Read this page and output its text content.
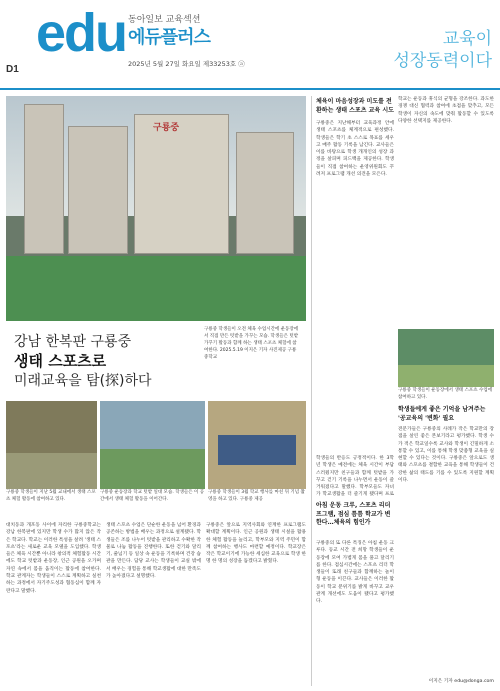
edu 동아일보 교육섹션
에듀플러스
D1	2025년 5월 27일 화요일 제33253호 ⓐ
교육이
성장동력이다
구룡중
강남 한복판 구룡중
생태 스포츠로
미래교육을 탐(探)하다
구룡중 학생들이 오전 체육 수업시간에 운동장에서 직접 만든 텃밭을 가꾸는 모습. 학생들은 텃밭 가꾸기 활동과 함께 하는 생태 스포츠 체험에 참여한다. 2025.5.19 이지은 기자 사진제공 구룡중학교
구룡중 학생들이 지난 5월 교내에서 생태 스포츠 체험 활동에 참여하고 있다.
구룡중 운동장과 학교 텃밭 일대 모습. 학생들은 이 공간에서 생태 체험 활동을 이어간다.
구룡중 학생들이 3월 학교 행사를 마친 뒤 기념 촬영을 하고 있다. 구룡중 제공
대치동과 개포동 사이에 자리한 구룡중학교는 강남 한복판에 있지만 학생 수가 많지 않은 작은 학교다. 학교는 이러한 특성을 살려 '생태 스포츠'라는 새로운 교육 모델을 도입했다. 학생들은 체육 시간뿐 아니라 창의적 체험활동 시간에도 학교 텃밭과 운동장, 인근 공원을 오가며 자연 속에서 몸을 움직이는 활동에 참여한다. 학교 관계자는 학생들이 스스로 계획하고 실천하는 과정에서 자기주도성과 협동심이 함께 자란다고 말했다.
생태 스포츠 수업은 단순한 운동을 넘어 환경과 공존하는 방법을 배우는 과정으로 설계됐다. 학생들은 조를 나누어 텃밭을 관리하고 수확한 작물로 나눔 활동을 진행한다. 또한 걷기와 달리기, 줄넘기 등 일상 속 운동을 기록하며 건강 습관을 만든다. 담당 교사는 학생들이 교실 밖에서 배우는 경험을 통해 학교생활에 대한 만족도가 높아졌다고 설명했다.
구룡중은 앞으로 지역사회와 연계한 프로그램도 확대할 계획이다. 인근 공원과 생태 시설을 활용한 체험 활동을 늘리고, 학부모와 지역 주민이 함께 참여하는 행사도 마련할 예정이다. 학교장은 작은 학교이기에 가능한 세심한 교육으로 학생 한 명 한 명의 성장을 돕겠다고 밝혔다.
체육이 마음성장과 미도를 전환하는 생태 스포츠 교육 시도
구룡중은 지난해부터 교육과정 안에 생태 스포츠를 체계적으로 편성했다. 학생들은 학기 초 스스로 목표를 세우고 매주 활동 기록을 남긴다. 교사들은 이를 바탕으로 학생 개개인의 성장 과정을 살피며 피드백을 제공한다. 학생들이 직접 참여하는 운영위원회도 꾸려져 프로그램 개선 의견을 모은다.
학생들의 반응도 긍정적이다. 한 3학년 학생은 예전에는 체육 시간이 부담스러웠지만 친구들과 함께 텃밭을 가꾸고 걷기 기록을 나누면서 운동이 즐거워졌다고 말했다. 학부모들도 자녀가 학교생활을 더 즐기게 됐다며 프로
아침 운동 크루, 스포츠 리더 프그램, 점심 틈틈 학교가 변한다…체육의 힘인가
구룡중의 또 다른 특징은 아침 운동 크루다. 등교 시간 전 희망 학생들이 운동장에 모여 가볍게 몸을 풀고 달리기를 한다. 점심시간에는 스포츠 리더 학생들이 또래 친구들과 함께하는 놀이형 운동을 이끈다. 교사들은 이러한 활동이 학교 분위기를 밝게 바꾸고 교우 관계 개선에도 도움이 됐다고 평가했다.
학교는 운동과 휴식의 균형을 강조한다. 과도한 경쟁 대신 협력과 참여에 초점을 맞추고, 모든 학생이 자신의 속도에 맞춰 활동할 수 있도록 다양한 선택지를 제공한다.
구룡중 학생들이 운동장에서 생태 스포츠 수업에 참여하고 있다.
학생들에게 좋은 기억을 남겨주는 '공교육의 '변화' 필요
전문가들은 구룡중의 사례가 작은 학교만의 장점을 살린 좋은 본보기라고 평가했다. 학생 수가 적은 학교일수록 교사와 학생이 긴밀하게 소통할 수 있고, 이를 통해 학생 맞춤형 교육을 실현할 수 있다는 것이다. 구룡중은 앞으로도 생태와 스포츠를 결합한 교육을 통해 학생들이 건강한 삶의 태도를 기를 수 있도록 지원할 계획이다.
이지은 기자 edu@donga.com
